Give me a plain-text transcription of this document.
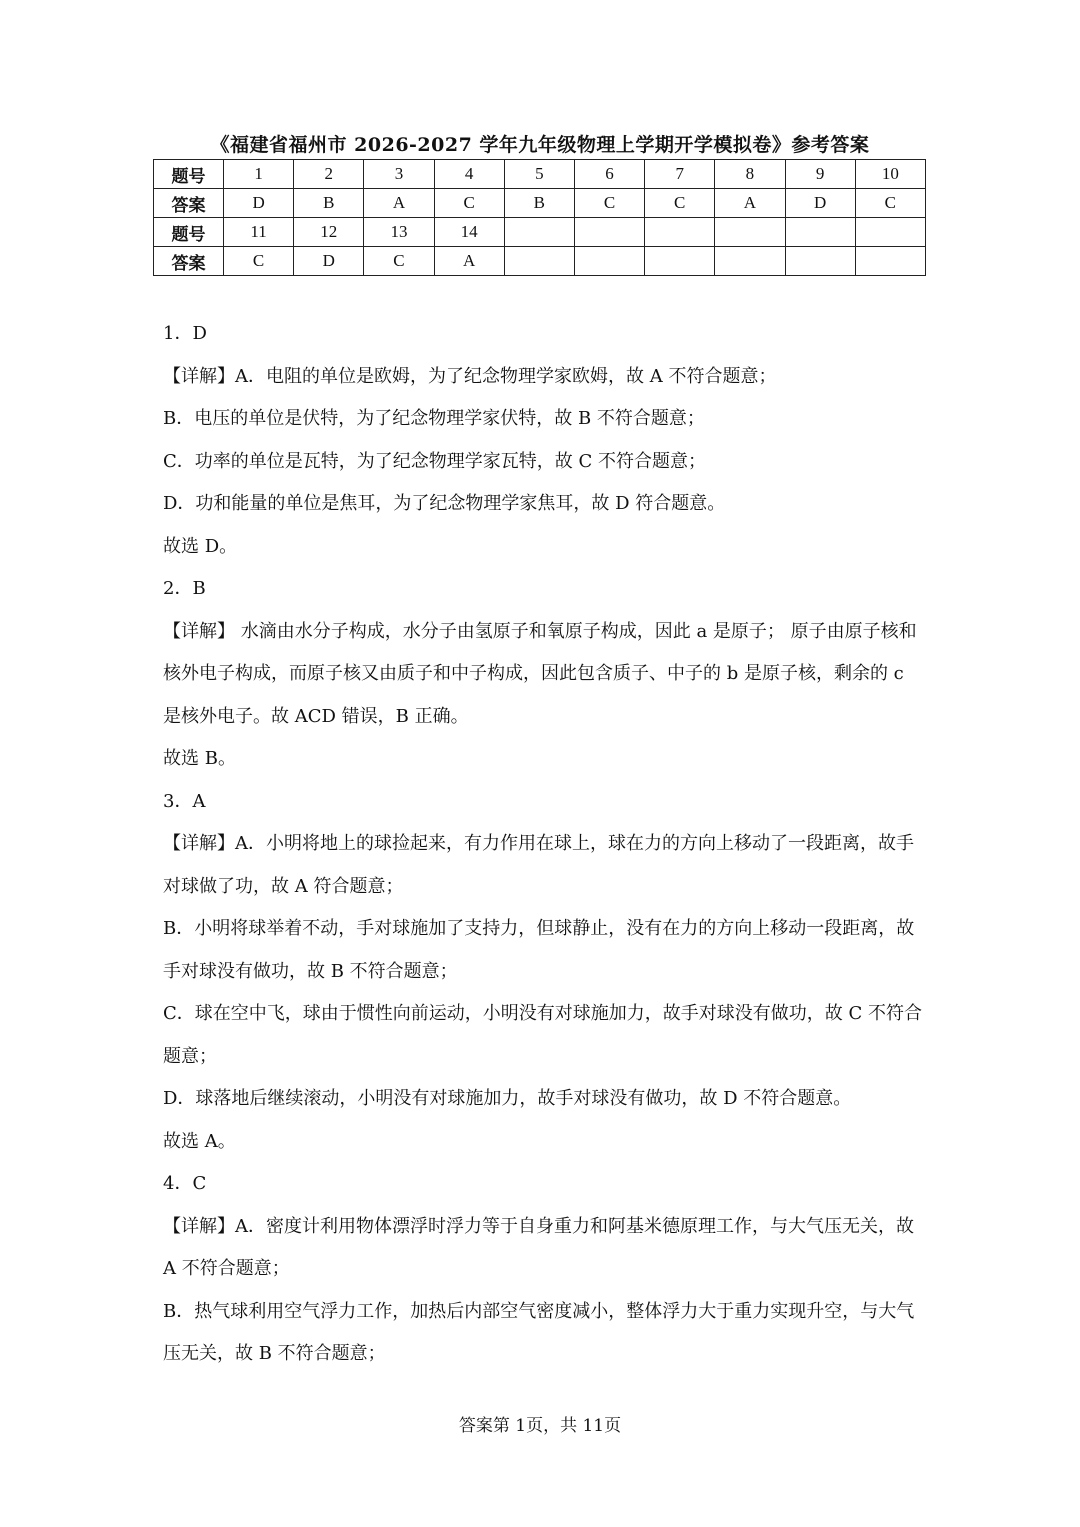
《福建省福州市 2026-2027 学年九年级物理上学期开学模拟卷》参考答案
题号	1	2	3	4	5	6	7	8	9	10
答案	D	B	A	C	B	C	C	A	D	C
题号	11	12	13	14						
答案	C	D	C	A						

1．D

【详解】A．电阻的单位是欧姆，为了纪念物理学家欧姆，故 A 不符合题意；

B．电压的单位是伏特，为了纪念物理学家伏特，故 B 不符合题意；

C．功率的单位是瓦特，为了纪念物理学家瓦特，故 C 不符合题意；

D．功和能量的单位是焦耳，为了纪念物理学家焦耳，故 D 符合题意。

故选 D。

2．B

【详解】 水滴由水分子构成，水分子由氢原子和氧原子构成，因此 a 是原子； 原子由原子核和核外电子构成，而原子核又由质子和中子构成，因此包含质子、中子的 b 是原子核，剩余的 c 是核外电子。故 ACD 错误，B 正确。

故选 B。

3．A

【详解】A．小明将地上的球捡起来，有力作用在球上，球在力的方向上移动了一段距离，故手对球做了功，故 A 符合题意；

B．小明将球举着不动，手对球施加了支持力，但球静止，没有在力的方向上移动一段距离，故手对球没有做功，故 B 不符合题意；

C．球在空中飞，球由于惯性向前运动，小明没有对球施加力，故手对球没有做功，故 C 不符合题意；

D．球落地后继续滚动，小明没有对球施加力，故手对球没有做功，故 D 不符合题意。

故选 A。

4．C

【详解】A．密度计利用物体漂浮时浮力等于自身重力和阿基米德原理工作，与大气压无关，故 A 不符合题意；

B．热气球利用空气浮力工作，加热后内部空气密度减小，整体浮力大于重力实现升空，与大气压无关，故 B 不符合题意；

答案第 1页，共 11页
